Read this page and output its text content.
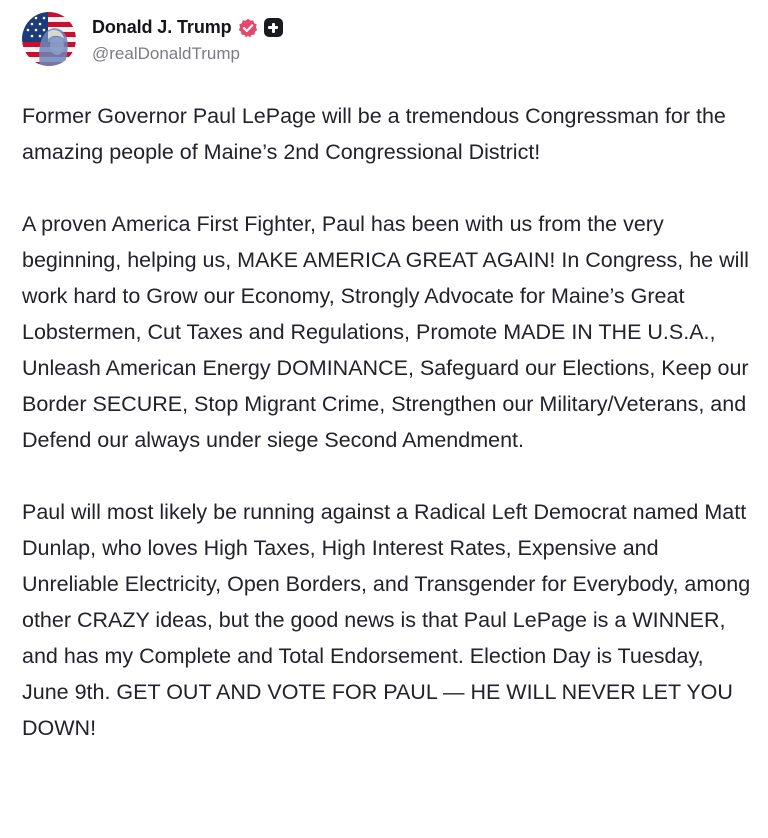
Donald J. Trump
@realDonaldTrump

Former Governor Paul LePage will be a tremendous Congressman for the amazing people of Maine’s 2nd Congressional District!

A proven America First Fighter, Paul has been with us from the very beginning, helping us, MAKE AMERICA GREAT AGAIN! In Congress, he will work hard to Grow our Economy, Strongly Advocate for Maine’s Great Lobstermen, Cut Taxes and Regulations, Promote MADE IN THE U.S.A., Unleash American Energy DOMINANCE, Safeguard our Elections, Keep our Border SECURE, Stop Migrant Crime, Strengthen our Military/Veterans, and Defend our always under siege Second Amendment.

Paul will most likely be running against a Radical Left Democrat named Matt Dunlap, who loves High Taxes, High Interest Rates, Expensive and Unreliable Electricity, Open Borders, and Transgender for Everybody, among other CRAZY ideas, but the good news is that Paul LePage is a WINNER, and has my Complete and Total Endorsement. Election Day is Tuesday, June 9th. GET OUT AND VOTE FOR PAUL — HE WILL NEVER LET YOU DOWN!
